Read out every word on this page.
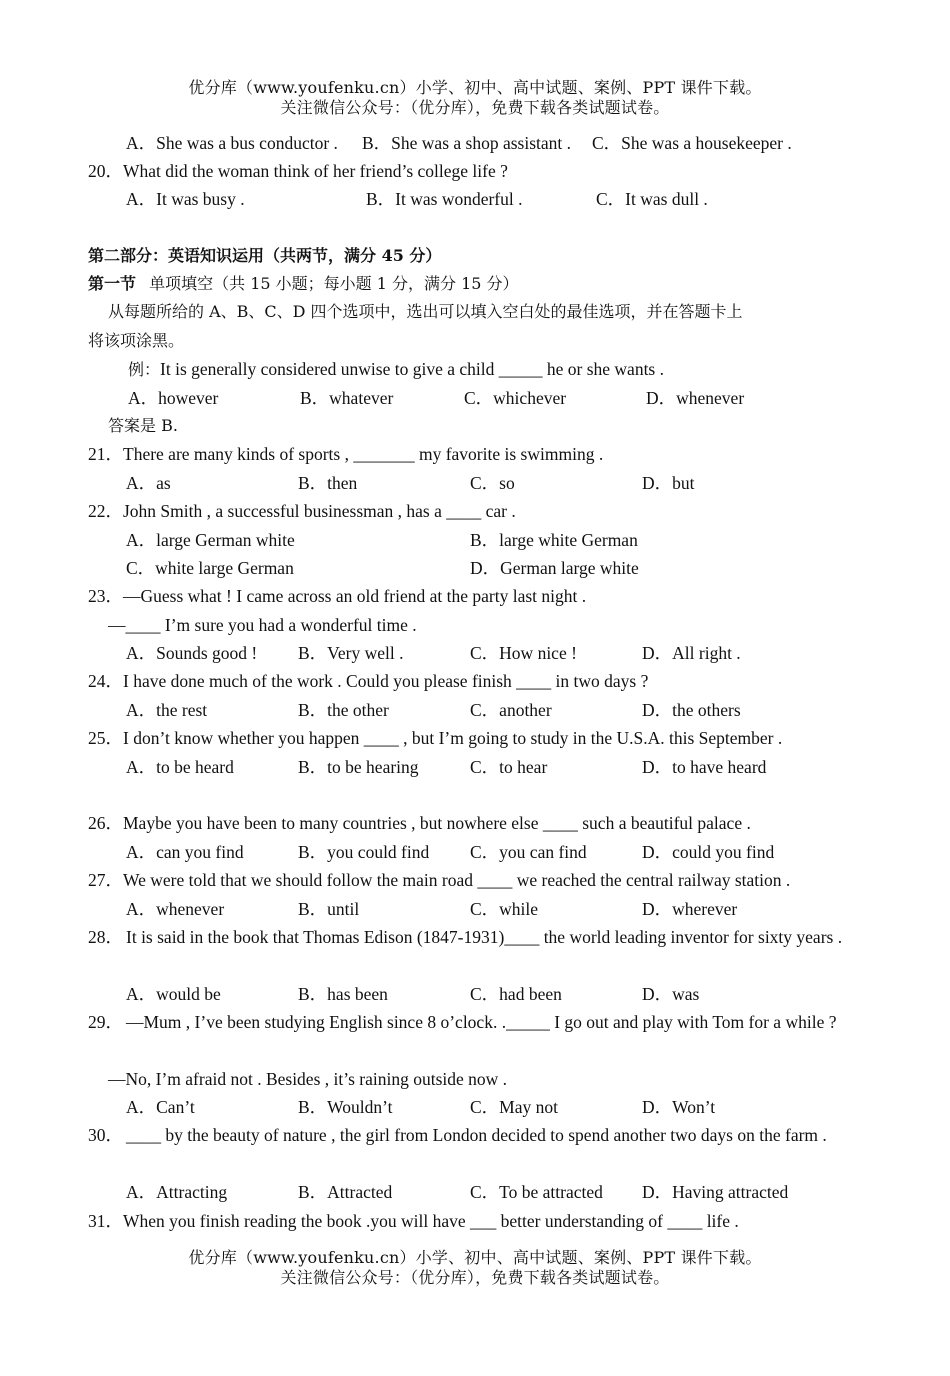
优分库（www.youfenku.cn）小学、初中、高中试题、案例、PPT 课件下载。
关注微信公众号：（优分库），免费下载各类试题试卷。
A．She was a bus conductor . B．She was a shop assistant . C．She was a housekeeper .
20．What did the woman think of her friend’s college life ?
A．It was busy .	B．It was wonderful .	C．It was dull .
第二部分：英语知识运用（共两节，满分 45 分）
第一节 单项填空（共 15 小题；每小题 1 分，满分 15 分）
从每题所给的 A、B、C、D 四个选项中，选出可以填入空白处的最佳选项，并在答题卡上
将该项涂黑。
例：It is generally considered unwise to give a child _____ he or she wants .
A．however	B．whatever	C．whichever	D．whenever
答案是 B.
21．There are many kinds of sports , _______ my favorite is swimming .
A．as	B．then	C．so	D．but
22．John Smith , a successful businessman , has a ____ car .
A．large German white	B．large white German
C．white large German	D．German large white
23．—Guess what ! I came across an old friend at the party last night .
—____ I’m sure you had a wonderful time .
A．Sounds good ! B．Very well .	C．How nice !	D．All right .
24．I have done much of the work . Could you please finish ____ in two days ?
A．the rest	B．the other	C．another	D．the others
25．I don’t know whether you happen ____ , but I’m going to study in the U.S.A. this September .
A．to be heard	B．to be hearing	C．to hear	D．to have heard
26．Maybe you have been to many countries , but nowhere else ____ such a beautiful palace .
A．can you find	B．you could find C．you can find	D．could you find
27．We were told that we should follow the main road ____ we reached the central railway station .
A．whenever	B．until	C．while	D．wherever
28． It is said in the book that Thomas Edison (1847-1931)____ the world leading inventor for sixty years .
A．would be	B．has been	C．had been	D．was
29． —Mum , I’ve been studying English since 8 o’clock. ._____ I go out and play with Tom for a while ?
—No, I’m afraid not . Besides , it’s raining outside now .
A．Can’t	B．Wouldn’t	C．May not	D．Won’t
30． ____ by the beauty of nature , the girl from London decided to spend another two days on the farm .
A．Attracting	B．Attracted	C．To be attracted D．Having attracted
31．When you finish reading the book .you will have ___ better understanding of ____ life .
优分库（www.youfenku.cn）小学、初中、高中试题、案例、PPT 课件下载。
关注微信公众号：（优分库），免费下载各类试题试卷。
